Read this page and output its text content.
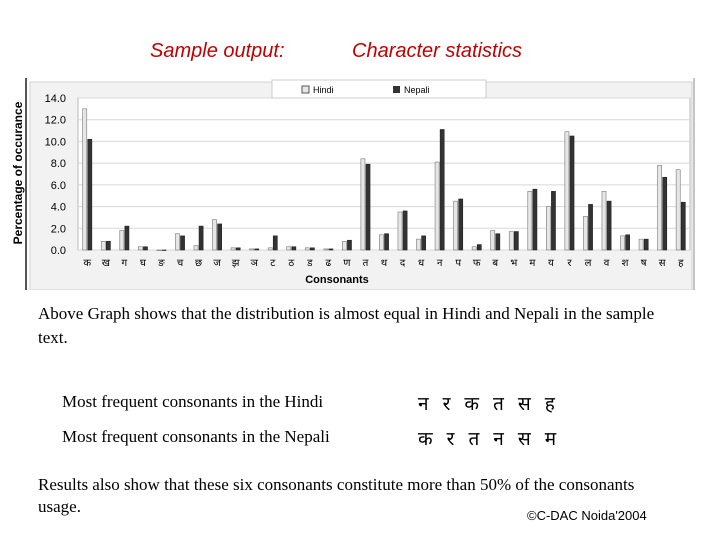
Sample output:	Character statistics
0.0
2.0
4.0
6.0
8.0
10.0
12.0
14.0
क ख ग घ ङ च छ ज झ ञ ट ठ ड ढ ण त थ द ध न प फ ब भ म य र ल व श ष स ह
Percentage of occurance
Consonants
Hindi	Nepali
Above Graph shows that the distribution is almost equal in Hindi and Nepali in the sample text.
Most frequent consonants in the Hindi	न र क त स ह
Most frequent consonants in the Nepali	क र त न स म
Results also show that these six consonants constitute more than 50% of the consonants usage.	©C-DAC Noida'2004
